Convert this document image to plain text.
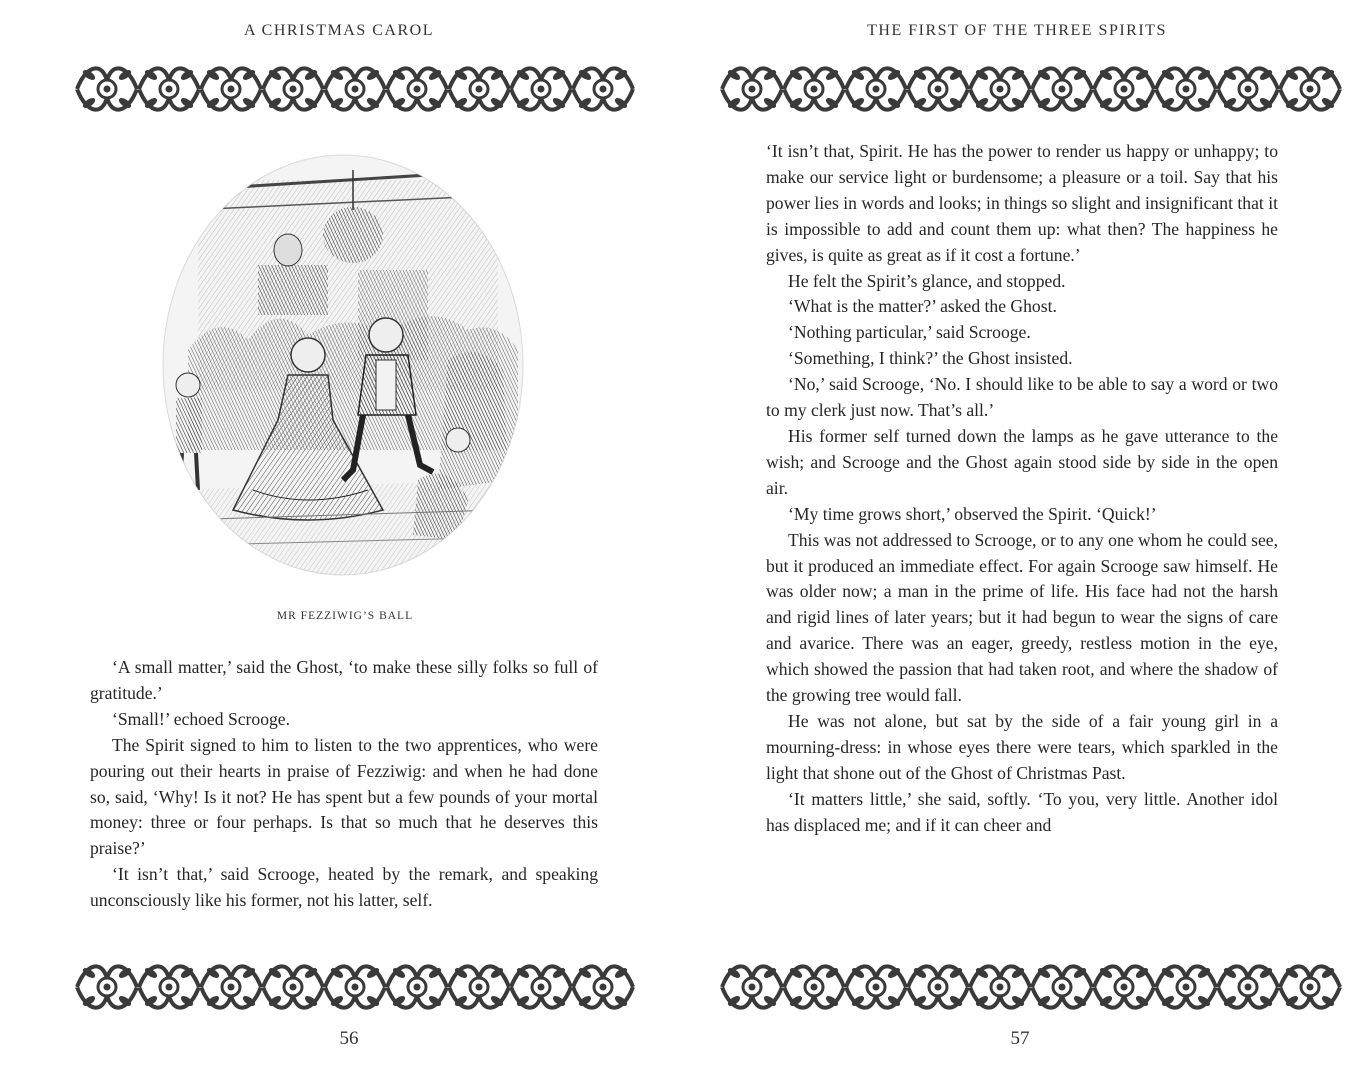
A CHRISTMAS CAROL
MR FEZZIWIG’S BALL

‘A small matter,’ said the Ghost, ‘to make these silly folks so full of gratitude.’

‘Small!’ echoed Scrooge.

The Spirit signed to him to listen to the two apprentices, who were pouring out their hearts in praise of Fezziwig: and when he had done so, said, ‘Why! Is it not? He has spent but a few pounds of your mortal money: three or four perhaps. Is that so much that he deserves this praise?’

‘It isn’t that,’ said Scrooge, heated by the remark, and speaking unconsciously like his former, not his latter, self.

56
THE FIRST OF THE THREE SPIRITS

‘It isn’t that, Spirit. He has the power to render us happy or unhappy; to make our service light or burdensome; a pleasure or a toil. Say that his power lies in words and looks; in things so slight and insignificant that it is impossible to add and count them up: what then? The happiness he gives, is quite as great as if it cost a fortune.’

He felt the Spirit’s glance, and stopped.

‘What is the matter?’ asked the Ghost.

‘Nothing particular,’ said Scrooge.

‘Something, I think?’ the Ghost insisted.

‘No,’ said Scrooge, ‘No. I should like to be able to say a word or two to my clerk just now. That’s all.’

His former self turned down the lamps as he gave utterance to the wish; and Scrooge and the Ghost again stood side by side in the open air.

‘My time grows short,’ observed the Spirit. ‘Quick!’

This was not addressed to Scrooge, or to any one whom he could see, but it produced an immediate effect. For again Scrooge saw himself. He was older now; a man in the prime of life. His face had not the harsh and rigid lines of later years; but it had begun to wear the signs of care and avarice. There was an eager, greedy, restless motion in the eye, which showed the passion that had taken root, and where the shadow of the growing tree would fall.

He was not alone, but sat by the side of a fair young girl in a mourning-dress: in whose eyes there were tears, which sparkled in the light that shone out of the Ghost of Christmas Past.

‘It matters little,’ she said, softly. ‘To you, very little. Another idol has displaced me; and if it can cheer and

57
